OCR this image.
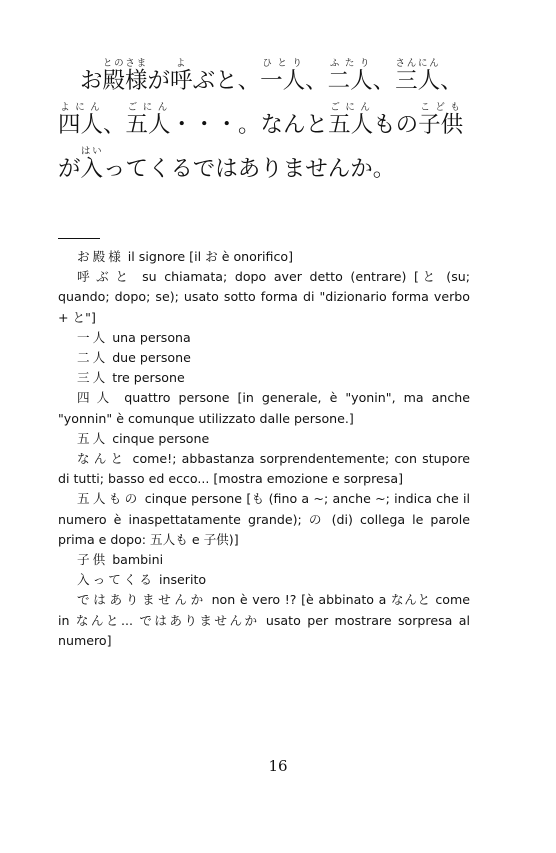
お殿様とのさまが呼よぶと、一人ひとり、二人ふたり、三人さんにん、
四人よにん、五人ごにん・・・。なんと五人ごにんもの子供こども
が入はいってくるではありませんか。
お殿様 il signore [il お è onorifico]
呼ぶと su chiamata; dopo aver detto (entrare) [と (su; quando; dopo; se); usato sotto forma di "dizionario forma verbo + と"]
一人 una persona
二人 due persone
三人 tre persone
四人 quattro persone [in generale, è "yonin", ma anche "yonnin" è comunque utilizzato dalle persone.]
五人 cinque persone
なんと come!; abbastanza sorprendentemente; con stupore di tutti; basso ed ecco... [mostra emozione e sorpresa]
五人もの cinque persone [も (fino a ~; anche ~; indica che il numero è inaspettatamente grande); の (di) collega le parole prima e dopo: 五人も e 子供)]
子供 bambini
入ってくる inserito
ではありませんか non è vero !? [è abbinato a なんと come in なんと... ではありませんか usato per mostrare sorpresa al numero]
16
